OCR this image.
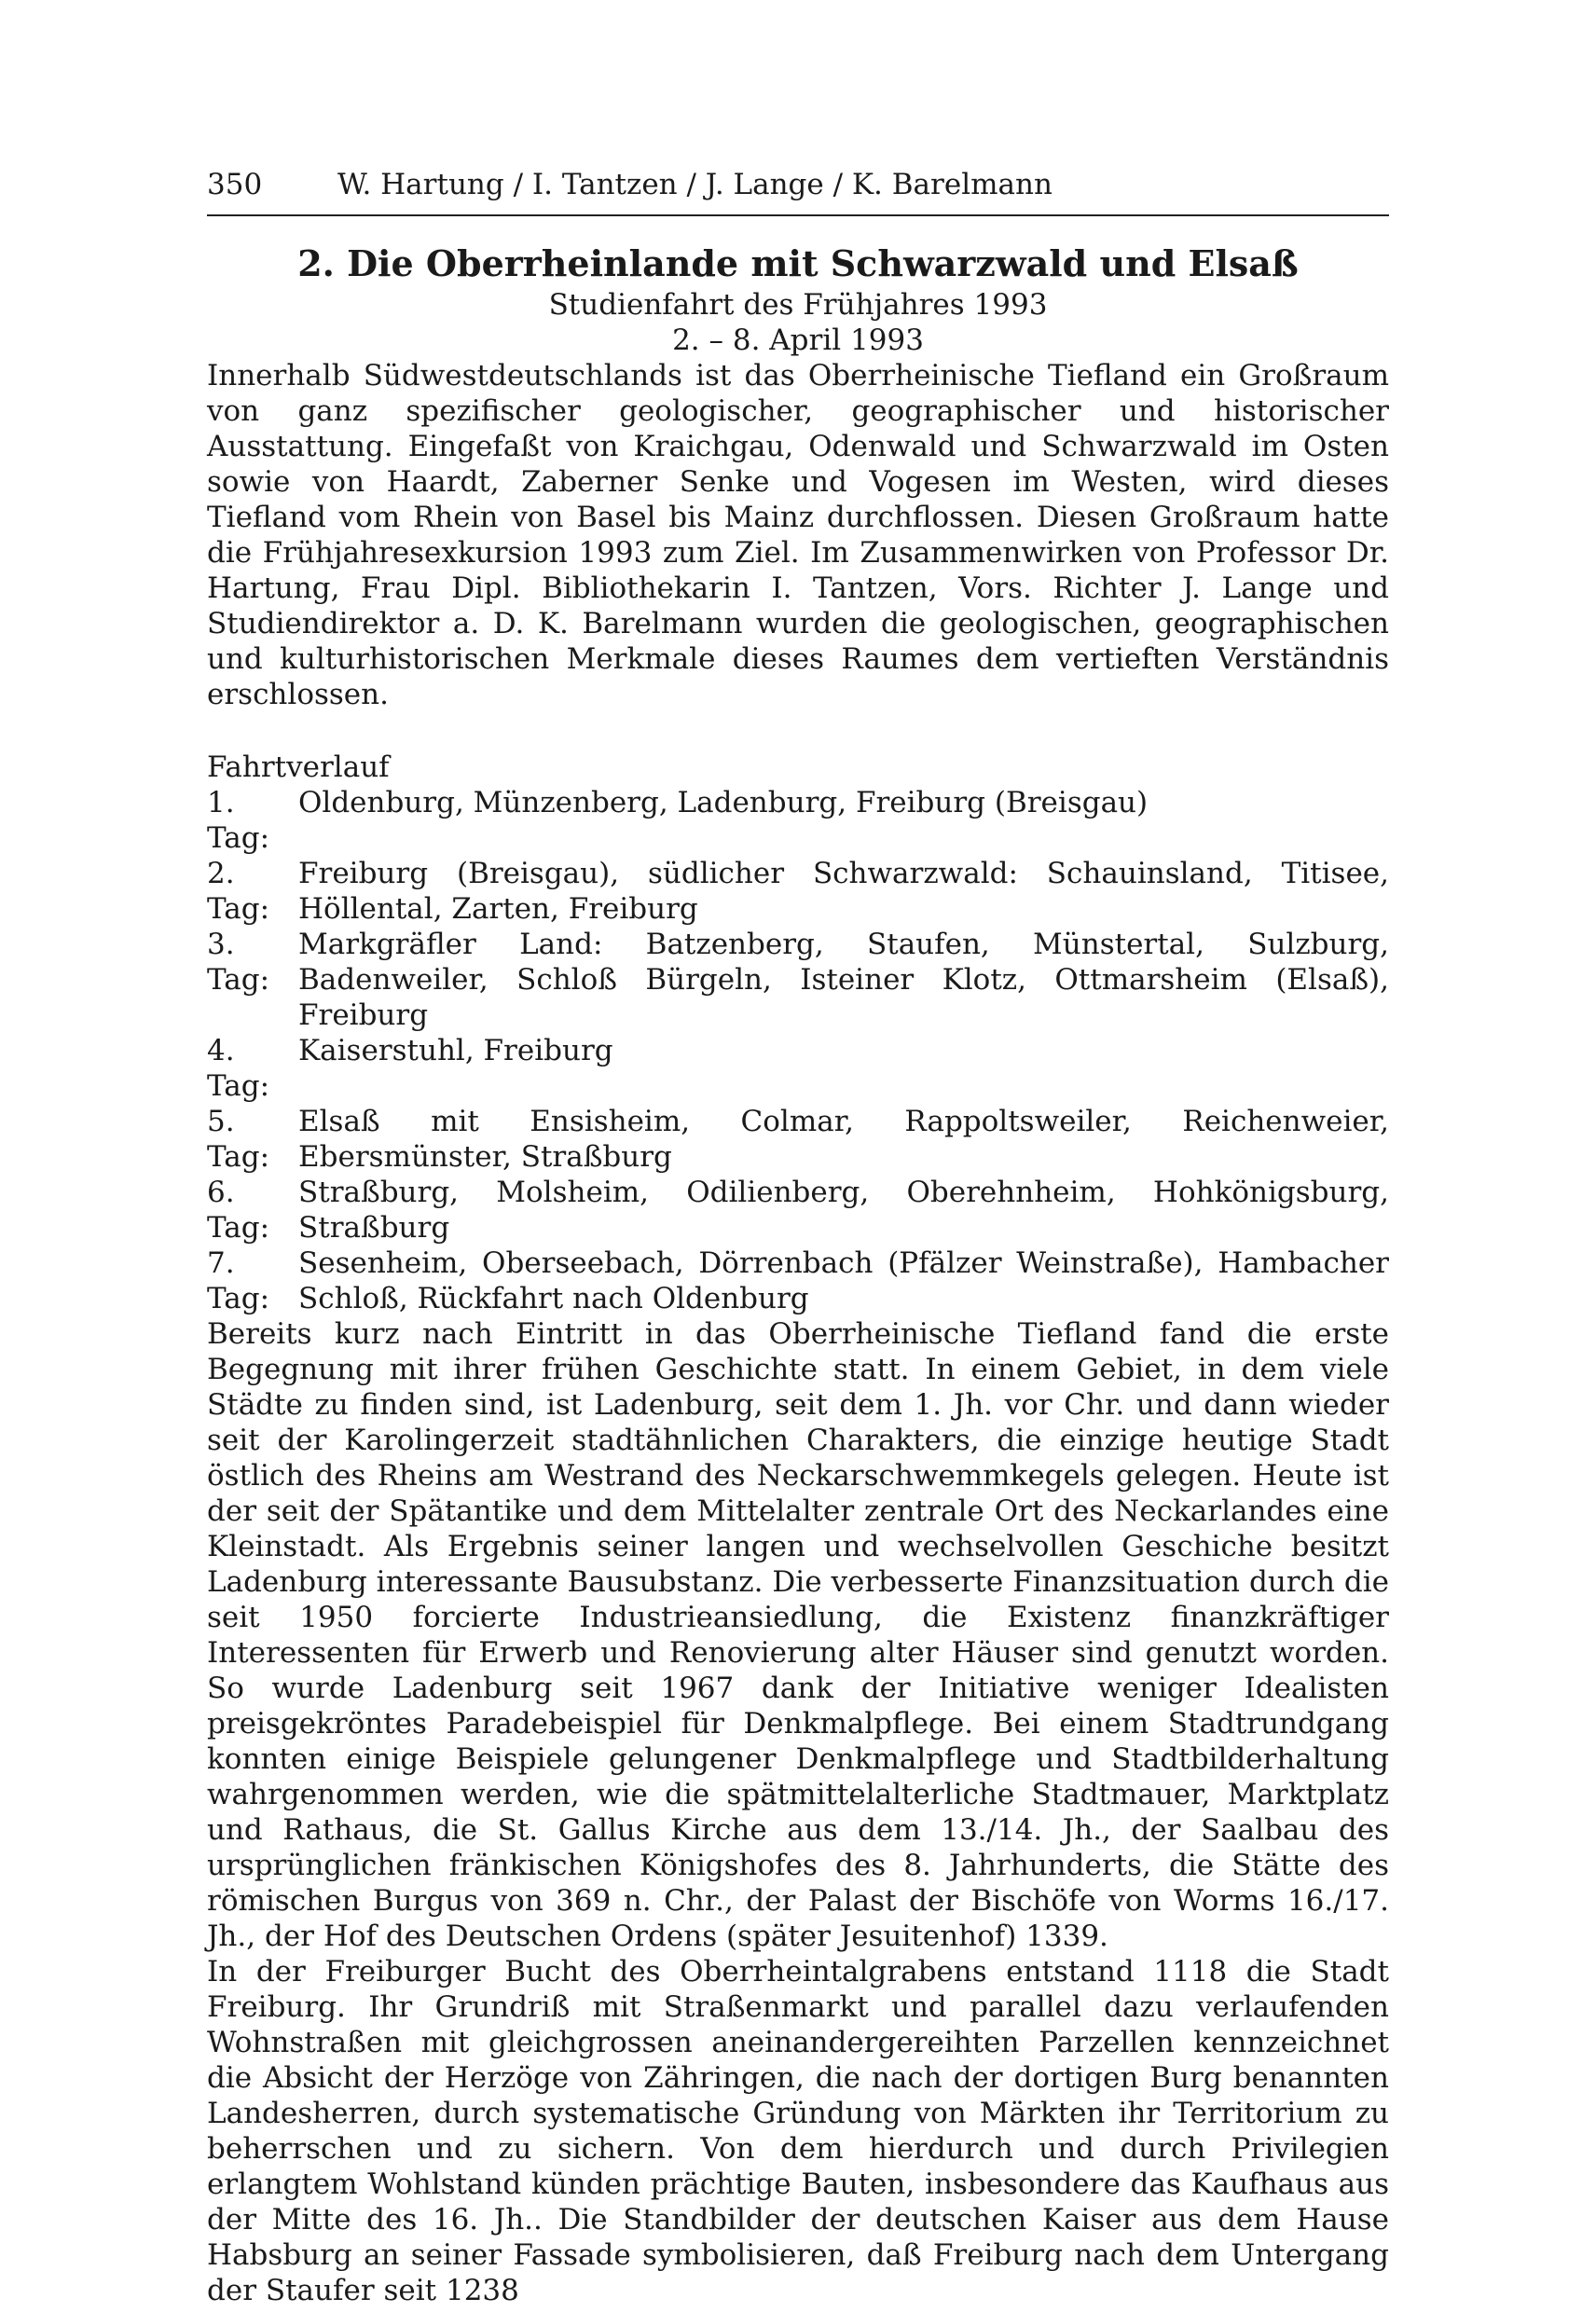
350	W. Hartung / I. Tantzen / J. Lange / K. Barelmann
2. Die Oberrheinlande mit Schwarzwald und Elsaß

Studienfahrt des Frühjahres 1993

2. – 8. April 1993

Innerhalb Südwestdeutschlands ist das Oberrheinische Tiefland ein Großraum von ganz spezifischer geologischer, geographischer und historischer Ausstattung. Eingefaßt von Kraichgau, Odenwald und Schwarzwald im Osten sowie von Haardt, Zaberner Senke und Vogesen im Westen, wird dieses Tiefland vom Rhein von Basel bis Mainz durchflossen. Diesen Großraum hatte die Frühjahresexkursion 1993 zum Ziel. Im Zusammenwirken von Professor Dr. Hartung, Frau Dipl. Bibliothekarin I. Tantzen, Vors. Richter J. Lange und Studiendirektor a. D. K. Barelmann wurden die geologischen, geographischen und kulturhistorischen Merkmale dieses Raumes dem vertieften Verständnis erschlossen.

Fahrtverlauf

1. Tag:
Oldenburg, Münzenberg, Ladenburg, Freiburg (Breisgau)
2. Tag:
Freiburg (Breisgau), südlicher Schwarzwald: Schauinsland, Titisee, Höllental, Zarten, Freiburg
3. Tag:
Markgräfler Land: Batzenberg, Staufen, Münstertal, Sulzburg, Badenweiler, Schloß Bürgeln, Isteiner Klotz, Ottmarsheim (Elsaß), Freiburg
4. Tag:
Kaiserstuhl, Freiburg
5. Tag:
Elsaß mit Ensisheim, Colmar, Rappoltsweiler, Reichenweier, Ebersmünster, Straßburg
6. Tag:
Straßburg, Molsheim, Odilienberg, Oberehnheim, Hohkönigsburg, Straßburg
7. Tag:
Sesenheim, Oberseebach, Dörrenbach (Pfälzer Weinstraße), Hambacher Schloß, Rückfahrt nach Oldenburg

Bereits kurz nach Eintritt in das Oberrheinische Tiefland fand die erste Begegnung mit ihrer frühen Geschichte statt. In einem Gebiet, in dem viele Städte zu finden sind, ist Ladenburg, seit dem 1. Jh. vor Chr. und dann wieder seit der Karolingerzeit stadtähnlichen Charakters, die einzige heutige Stadt östlich des Rheins am Westrand des Neckarschwemmkegels gelegen. Heute ist der seit der Spätantike und dem Mittelalter zentrale Ort des Neckarlandes eine Kleinstadt. Als Ergebnis seiner langen und wechselvollen Geschiche besitzt Ladenburg interessante Bausubstanz. Die verbesserte Finanzsituation durch die seit 1950 forcierte Industrieansiedlung, die Existenz finanzkräftiger Interessenten für Erwerb und Renovierung alter Häuser sind genutzt worden. So wurde Ladenburg seit 1967 dank der Initiative weniger Idealisten preisgekröntes Paradebeispiel für Denkmalpflege. Bei einem Stadtrundgang konnten einige Beispiele gelungener Denkmalpflege und Stadtbilderhaltung wahrgenommen werden, wie die spätmittelalterliche Stadtmauer, Marktplatz und Rathaus, die St. Gallus Kirche aus dem 13./14. Jh., der Saalbau des ursprünglichen fränkischen Königshofes des 8. Jahrhunderts, die Stätte des römischen Burgus von 369 n. Chr., der Palast der Bischöfe von Worms 16./17. Jh., der Hof des Deutschen Ordens (später Jesuitenhof) 1339.

In der Freiburger Bucht des Oberrheintalgrabens entstand 1118 die Stadt Freiburg. Ihr Grundriß mit Straßenmarkt und parallel dazu verlaufenden Wohnstraßen mit gleichgrossen aneinandergereihten Parzellen kennzeichnet die Absicht der Herzöge von Zähringen, die nach der dortigen Burg benannten Landesherren, durch systematische Gründung von Märkten ihr Territorium zu beherrschen und zu sichern. Von dem hierdurch und durch Privilegien erlangtem Wohlstand künden prächtige Bauten, insbesondere das Kaufhaus aus der Mitte des 16. Jh.. Die Standbilder der deutschen Kaiser aus dem Hause Habsburg an seiner Fassade symbolisieren, daß Freiburg nach dem Untergang der Staufer seit 1238
